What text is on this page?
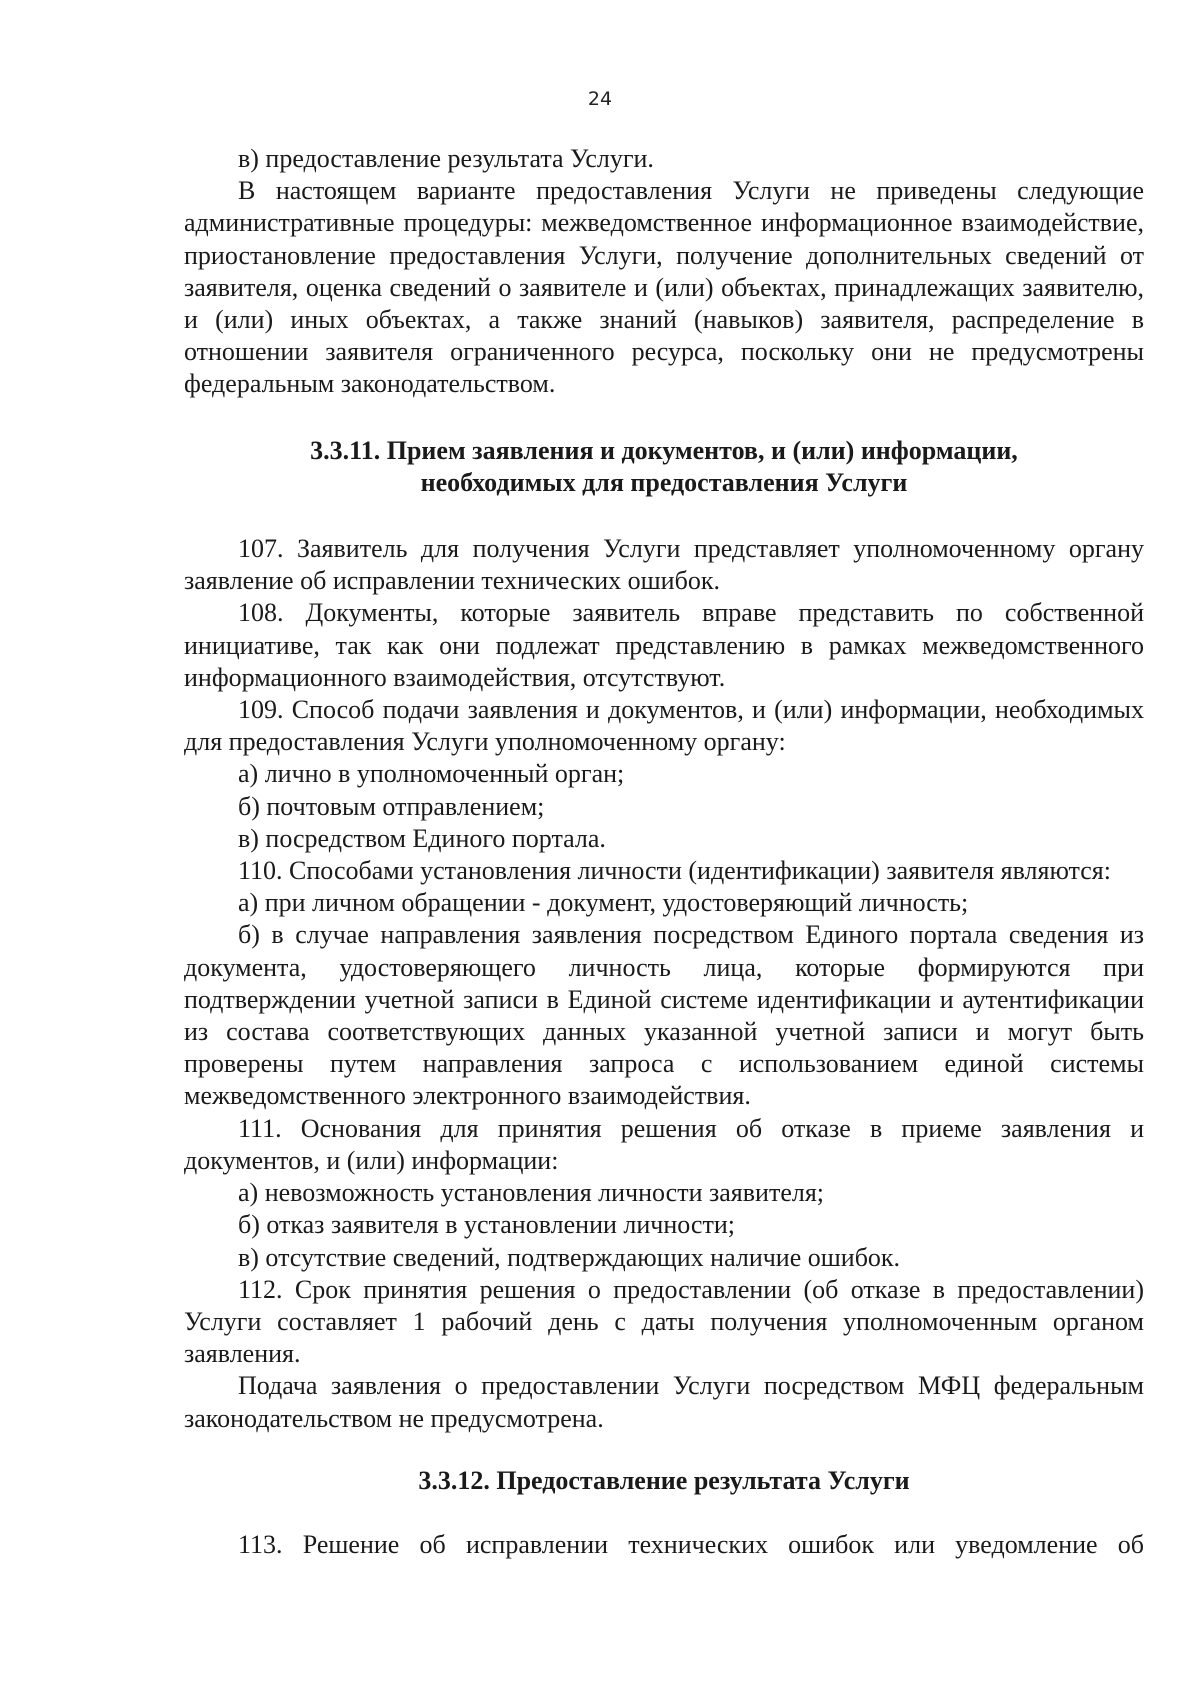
24

в) предоставление результата Услуги.

В настоящем варианте предоставления Услуги не приведены следующие административные процедуры: межведомственное информационное взаимодействие, приостановление предоставления Услуги, получение дополнительных сведений от заявителя, оценка сведений о заявителе и (или) объектах, принадлежащих заявителю, и (или) иных объектах, а также знаний (навыков) заявителя, распределение в отношении заявителя ограниченного ресурса, поскольку они не предусмотрены федеральным законодательством.

3.3.11. Прием заявления и документов, и (или) информации,
необходимых для предоставления Услуги

107. Заявитель для получения Услуги представляет уполномоченному органу заявление об исправлении технических ошибок.

108. Документы, которые заявитель вправе представить по собственной инициативе, так как они подлежат представлению в рамках межведомственного информационного взаимодействия, отсутствуют.

109. Способ подачи заявления и документов, и (или) информации, необходимых для предоставления Услуги уполномоченному органу:

а) лично в уполномоченный орган;

б) почтовым отправлением;

в) посредством Единого портала.

110. Способами установления личности (идентификации) заявителя являются:

а) при личном обращении - документ, удостоверяющий личность;

б) в случае направления заявления посредством Единого портала сведения из документа, удостоверяющего личность лица, которые формируются при подтверждении учетной записи в Единой системе идентификации и аутентификации из состава соответствующих данных указанной учетной записи и могут быть проверены путем направления запроса с использованием единой системы межведомственного электронного взаимодействия.

111. Основания для принятия решения об отказе в приеме заявления и документов, и (или) информации:

а) невозможность установления личности заявителя;

б) отказ заявителя в установлении личности;

в) отсутствие сведений, подтверждающих наличие ошибок.

112. Срок принятия решения о предоставлении (об отказе в предоставлении) Услуги составляет 1 рабочий день с даты получения уполномоченным органом заявления.

Подача заявления о предоставлении Услуги посредством МФЦ федеральным законодательством не предусмотрена.

3.3.12. Предоставление результата Услуги

113. Решение об исправлении технических ошибок или уведомление об
